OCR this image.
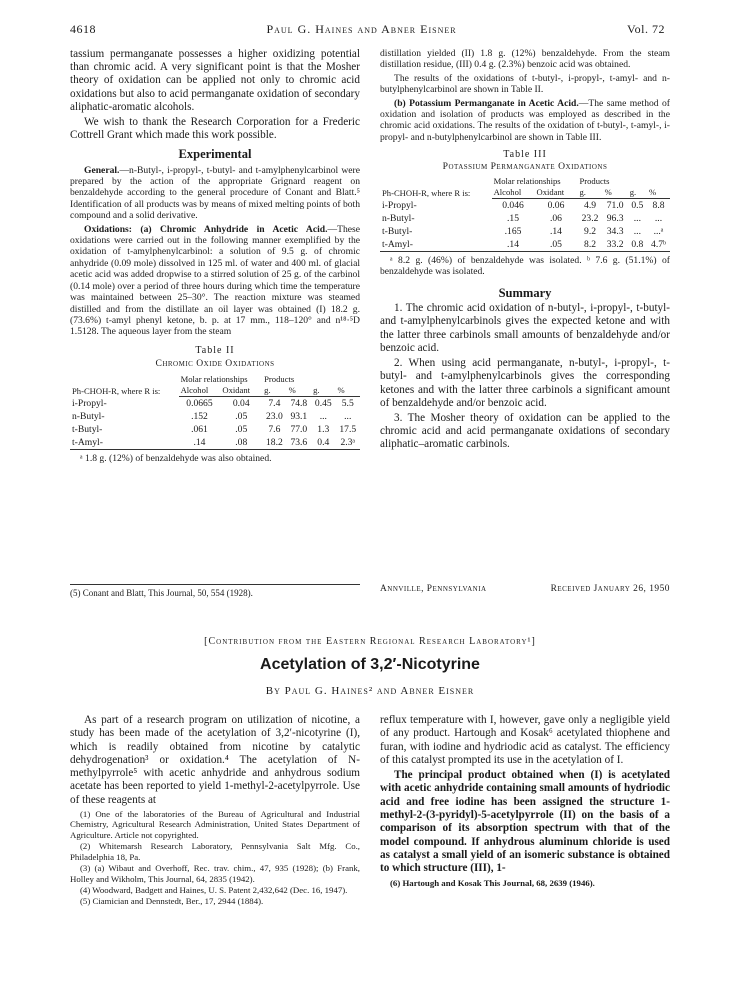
4618	Paul G. Haines and Abner Eisner	Vol. 72

tassium permanganate possesses a higher oxidizing potential than chromic acid. A very significant point is that the Mosher theory of oxidation can be applied not only to chromic acid oxidations but also to acid permanganate oxidation of secondary aliphatic-aromatic alcohols.

We wish to thank the Research Corporation for a Frederic Cottrell Grant which made this work possible.

Experimental

General.—n-Butyl-, i-propyl-, t-butyl- and t-amylphenylcarbinol were prepared by the action of the appropriate Grignard reagent on benzaldehyde according to the general procedure of Conant and Blatt.⁵ Identification of all products was by means of mixed melting points of both compound and a solid derivative.

Oxidations: (a) Chromic Anhydride in Acetic Acid.—These oxidations were carried out in the following manner exemplified by the oxidation of t-amylphenylcarbinol: a solution of 9.5 g. of chromic anhydride (0.09 mole) dissolved in 125 ml. of water and 400 ml. of glacial acetic acid was added dropwise to a stirred solution of 25 g. of the carbinol (0.14 mole) over a period of three hours during which time the temperature was maintained between 25–30°. The reaction mixture was steamed distilled and from the distillate an oil layer was obtained (I) 18.2 g. (73.6%) t-amyl phenyl ketone, b. p. at 17 mm., 118–120° and n¹⁸·⁵D 1.5128. The aqueous layer from the steam

Table II
Chromic Oxide Oxidations
Ph-CHOH-R, where R is:	Molar relationships		Products			
	Alcohol	Oxidant	g.	%	g.	%
i-Propyl-	0.0665	0.04	7.4	74.8	0.45	5.5
n-Butyl-	.152	.05	23.0	93.1	...	...
t-Butyl-	.061	.05	7.6	77.0	1.3	17.5
t-Amyl-	.14	.08	18.2	73.6	0.4	2.3ᵃ
ᵃ 1.8 g. (12%) of benzaldehyde was also obtained.
(5) Conant and Blatt, This Journal, 50, 554 (1928).

distillation yielded (II) 1.8 g. (12%) benzaldehyde. From the steam distillation residue, (III) 0.4 g. (2.3%) benzoic acid was obtained.

The results of the oxidations of t-butyl-, i-propyl-, t-amyl- and n-butylphenylcarbinol are shown in Table II.

(b) Potassium Permanganate in Acetic Acid.—The same method of oxidation and isolation of products was employed as described in the chromic acid oxidations. The results of the oxidation of t-butyl-, t-amyl-, i-propyl- and n-butylphenylcarbinol are shown in Table III.

Table III
Potassium Permanganate Oxidations
Ph-CHOH-R, where R is:	Molar relationships		Products			
	Alcohol	Oxidant	g.	%	g.	%
i-Propyl-	0.046	0.06	4.9	71.0	0.5	8.8
n-Butyl-	.15	.06	23.2	96.3	...	...
t-Butyl-	.165	.14	9.2	34.3	...	...ᵃ
t-Amyl-	.14	.05	8.2	33.2	0.8	4.7ᵇ
ᵃ 8.2 g. (46%) of benzaldehyde was isolated. ᵇ 7.6 g. (51.1%) of benzaldehyde was isolated.
Summary

1. The chromic acid oxidation of n-butyl-, i-propyl-, t-butyl- and t-amylphenylcarbinols gives the expected ketone and with the latter three carbinols small amounts of benzaldehyde and/or benzoic acid.

2. When using acid permanganate, n-butyl-, i-propyl-, t-butyl- and t-amylphenylcarbinols gives the corresponding ketones and with the latter three carbinols a significant amount of benzaldehyde and/or benzoic acid.

3. The Mosher theory of oxidation can be applied to the chromic acid and acid permanganate oxidations of secondary aliphatic–aromatic carbinols.

Annville, Pennsylvania	Received January 26, 1950
[Contribution from the Eastern Regional Research Laboratory¹]
Acetylation of 3,2′-Nicotyrine
By Paul G. Haines² and Abner Eisner

As part of a research program on utilization of nicotine, a study has been made of the acetylation of 3,2′-nicotyrine (I), which is readily obtained from nicotine by catalytic dehydrogenation³ or oxidation.⁴ The acetylation of N-methylpyrrole⁵ with acetic anhydride and anhydrous sodium acetate has been reported to yield 1-methyl-2-acetylpyrrole. Use of these reagents at

(1) One of the laboratories of the Bureau of Agricultural and Industrial Chemistry, Agricultural Research Administration, United States Department of Agriculture. Article not copyrighted.
(2) Whitemarsh Research Laboratory, Pennsylvania Salt Mfg. Co., Philadelphia 18, Pa.
(3) (a) Wibaut and Overhoff, Rec. trav. chim., 47, 935 (1928); (b) Frank, Holley and Wikholm, This Journal, 64, 2835 (1942).
(4) Woodward, Badgett and Haines, U. S. Patent 2,432,642 (Dec. 16, 1947).
(5) Ciamician and Dennstedt, Ber., 17, 2944 (1884).

reflux temperature with I, however, gave only a negligible yield of any product. Hartough and Kosak⁶ acetylated thiophene and furan, with iodine and hydriodic acid as catalyst. The efficiency of this catalyst prompted its use in the acetylation of I.

The principal product obtained when (I) is acetylated with acetic anhydride containing small amounts of hydriodic acid and free iodine has been assigned the structure 1-methyl-2-(3-pyridyl)-5-acetylpyrrole (II) on the basis of a comparison of its absorption spectrum with that of the model compound. If anhydrous aluminum chloride is used as catalyst a small yield of an isomeric substance is obtained to which structure (III), 1-

(6) Hartough and Kosak This Journal, 68, 2639 (1946).
